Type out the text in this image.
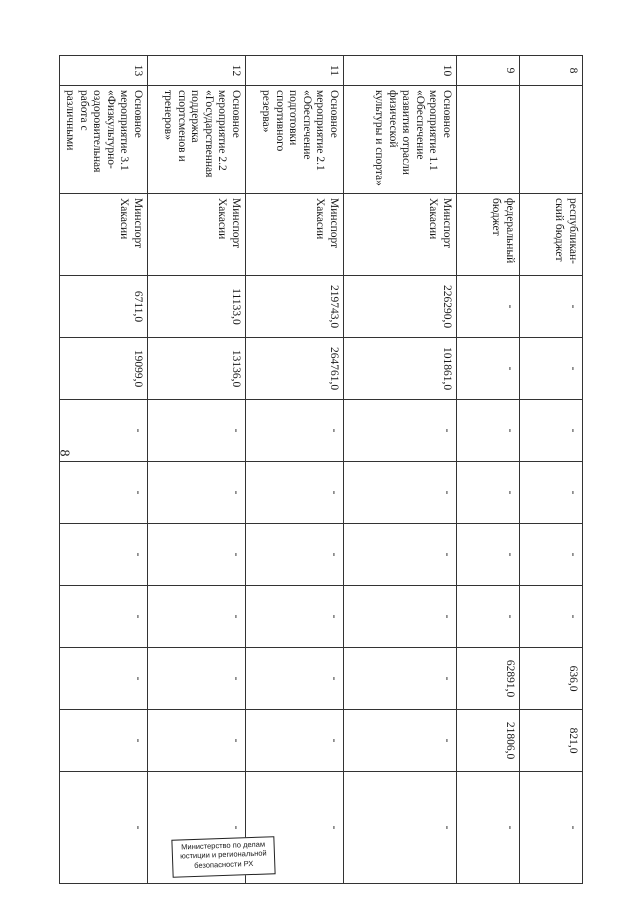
8
8		республикан-ский бюджет	-	-	-	-	-	-	636,0	821,0	-
9		федеральный бюджет	-	-	-	-	-	-	62891,0	21806,0	-
10	Основное мероприятие 1.1 «Обеспечение развития отрасли физической культуры и спорта»	Минспорт Хакасии	226290,0	101861,0	-	-	-	-	-	-	-
11	Основное мероприятие 2.1 «Обеспечение подготовки спортивного резерва»	Минспорт Хакасии	219743,0	264761,0	-	-	-	-	-	-	-
12	Основное мероприятие 2.2 «Государственная поддержка спортсменов и тренеров»	Минспорт Хакасии	11133,0	13136,0	-	-	-	-	-	-	-
13	Основное мероприятие 3.1 «Физкультурно-оздоровительная работа с различными	Минспорт Хакасии	6711,0	19099,0	-	-	-	-	-	-	-
Министерство по делам
юстиции и региональной
безопасности РХ
